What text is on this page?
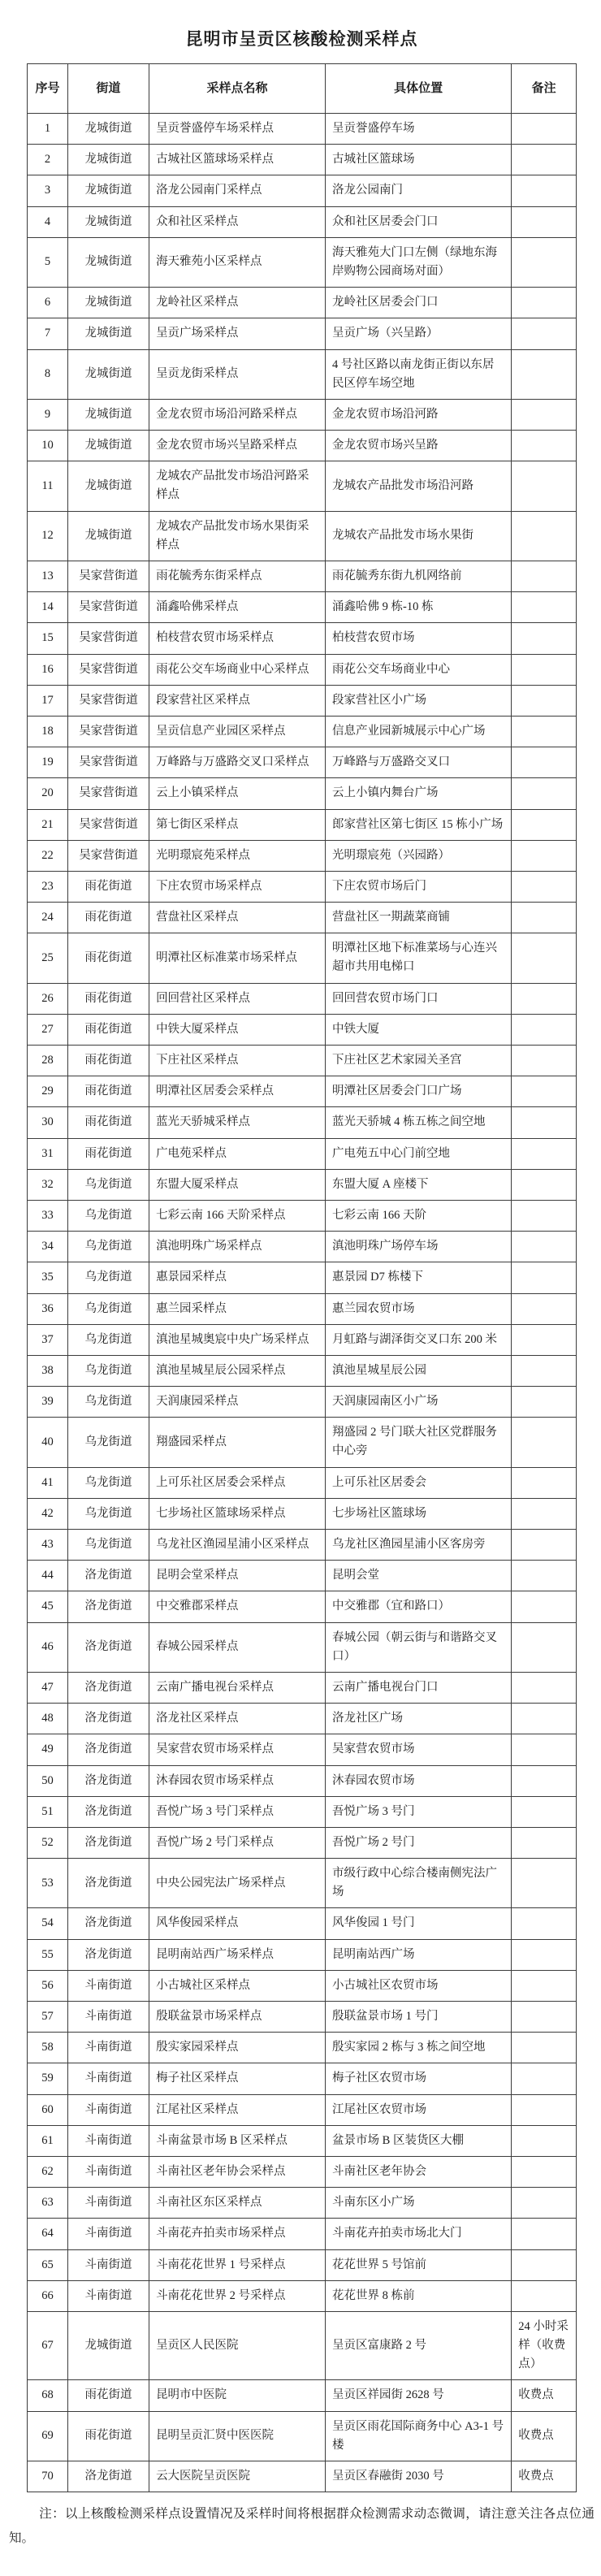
昆明市呈贡区核酸检测采样点
序号	街道	采样点名称	具体位置	备注
1	龙城街道	呈贡誉盛停车场采样点	呈贡誉盛停车场	
2	龙城街道	古城社区篮球场采样点	古城社区篮球场	
3	龙城街道	洛龙公园南门采样点	洛龙公园南门	
4	龙城街道	众和社区采样点	众和社区居委会门口	
5	龙城街道	海天雅苑小区采样点	海天雅苑大门口左侧（绿地东海岸购物公园商场对面）	
6	龙城街道	龙岭社区采样点	龙岭社区居委会门口	
7	龙城街道	呈贡广场采样点	呈贡广场（兴呈路）	
8	龙城街道	呈贡龙街采样点	4 号社区路以南龙街正街以东居民区停车场空地	
9	龙城街道	金龙农贸市场沿河路采样点	金龙农贸市场沿河路	
10	龙城街道	金龙农贸市场兴呈路采样点	金龙农贸市场兴呈路	
11	龙城街道	龙城农产品批发市场沿河路采样点	龙城农产品批发市场沿河路	
12	龙城街道	龙城农产品批发市场水果街采样点	龙城农产品批发市场水果街	
13	吴家营街道	雨花毓秀东街采样点	雨花毓秀东街九机网络前	
14	吴家营街道	涌鑫哈佛采样点	涌鑫哈佛 9 栋-10 栋	
15	吴家营街道	柏枝营农贸市场采样点	柏枝营农贸市场	
16	吴家营街道	雨花公交车场商业中心采样点	雨花公交车场商业中心	
17	吴家营街道	段家营社区采样点	段家营社区小广场	
18	吴家营街道	呈贡信息产业园区采样点	信息产业园新城展示中心广场	
19	吴家营街道	万峰路与万盛路交叉口采样点	万峰路与万盛路交叉口	
20	吴家营街道	云上小镇采样点	云上小镇内舞台广场	
21	吴家营街道	第七街区采样点	郎家营社区第七街区 15 栋小广场	
22	吴家营街道	光明璟宸苑采样点	光明璟宸苑（兴园路）	
23	雨花街道	下庄农贸市场采样点	下庄农贸市场后门	
24	雨花街道	营盘社区采样点	营盘社区一期蔬菜商铺	
25	雨花街道	明潭社区标准菜市场采样点	明潭社区地下标准菜场与心连兴超市共用电梯口	
26	雨花街道	回回营社区采样点	回回营农贸市场门口	
27	雨花街道	中铁大厦采样点	中铁大厦	
28	雨花街道	下庄社区采样点	下庄社区艺术家园关圣宫	
29	雨花街道	明潭社区居委会采样点	明潭社区居委会门口广场	
30	雨花街道	蓝光天骄城采样点	蓝光天骄城 4 栋五栋之间空地	
31	雨花街道	广电苑采样点	广电苑五中心门前空地	
32	乌龙街道	东盟大厦采样点	东盟大厦 A 座楼下	
33	乌龙街道	七彩云南 166 天阶采样点	七彩云南 166 天阶	
34	乌龙街道	滇池明珠广场采样点	滇池明珠广场停车场	
35	乌龙街道	惠景园采样点	惠景园 D7 栋楼下	
36	乌龙街道	惠兰园采样点	惠兰园农贸市场	
37	乌龙街道	滇池星城奥宸中央广场采样点	月虹路与湖泽街交叉口东 200 米	
38	乌龙街道	滇池星城星辰公园采样点	滇池星城星辰公园	
39	乌龙街道	天润康园采样点	天润康园南区小广场	
40	乌龙街道	翔盛园采样点	翔盛园 2 号门联大社区党群服务中心旁	
41	乌龙街道	上可乐社区居委会采样点	上可乐社区居委会	
42	乌龙街道	七步场社区篮球场采样点	七步场社区篮球场	
43	乌龙街道	乌龙社区渔园星浦小区采样点	乌龙社区渔园星浦小区客房旁	
44	洛龙街道	昆明会堂采样点	昆明会堂	
45	洛龙街道	中交雅郡采样点	中交雅郡（宜和路口）	
46	洛龙街道	春城公园采样点	春城公园（朝云街与和谐路交叉口）	
47	洛龙街道	云南广播电视台采样点	云南广播电视台门口	
48	洛龙街道	洛龙社区采样点	洛龙社区广场	
49	洛龙街道	吴家营农贸市场采样点	吴家营农贸市场	
50	洛龙街道	沐春园农贸市场采样点	沐春园农贸市场	
51	洛龙街道	吾悦广场 3 号门采样点	吾悦广场 3 号门	
52	洛龙街道	吾悦广场 2 号门采样点	吾悦广场 2 号门	
53	洛龙街道	中央公园宪法广场采样点	市级行政中心综合楼南侧宪法广场	
54	洛龙街道	风华俊园采样点	风华俊园 1 号门	
55	洛龙街道	昆明南站西广场采样点	昆明南站西广场	
56	斗南街道	小古城社区采样点	小古城社区农贸市场	
57	斗南街道	殷联盆景市场采样点	殷联盆景市场 1 号门	
58	斗南街道	殷实家园采样点	殷实家园 2 栋与 3 栋之间空地	
59	斗南街道	梅子社区采样点	梅子社区农贸市场	
60	斗南街道	江尾社区采样点	江尾社区农贸市场	
61	斗南街道	斗南盆景市场 B 区采样点	盆景市场 B 区装货区大棚	
62	斗南街道	斗南社区老年协会采样点	斗南社区老年协会	
63	斗南街道	斗南社区东区采样点	斗南东区小广场	
64	斗南街道	斗南花卉拍卖市场采样点	斗南花卉拍卖市场北大门	
65	斗南街道	斗南花花世界 1 号采样点	花花世界 5 号馆前	
66	斗南街道	斗南花花世界 2 号采样点	花花世界 8 栋前	
67	龙城街道	呈贡区人民医院	呈贡区富康路 2 号	24 小时采样（收费点）
68	雨花街道	昆明市中医院	呈贡区祥园街 2628 号	收费点
69	雨花街道	昆明呈贡汇贤中医医院	呈贡区雨花国际商务中心 A3-1 号楼	收费点
70	洛龙街道	云大医院呈贡医院	呈贡区春融街 2030 号	收费点

注：以上核酸检测采样点设置情况及采样时间将根据群众检测需求动态微调，请注意关注各点位通知。
